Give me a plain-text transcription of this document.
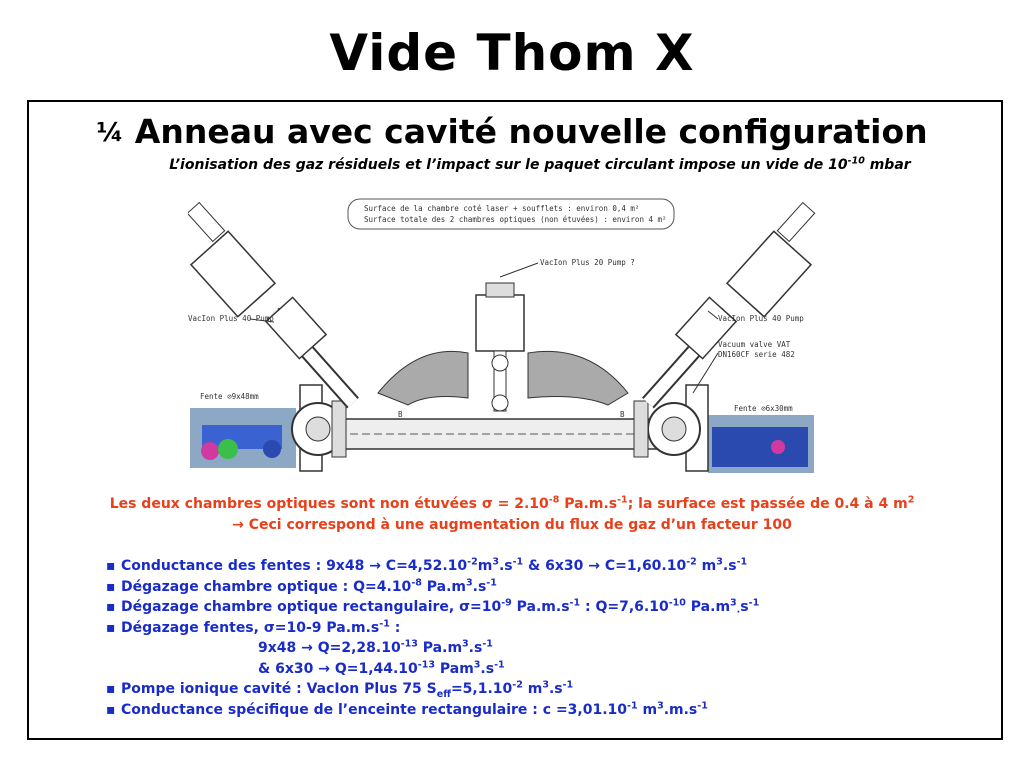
Vide Thom X
¼ Anneau avec cavité nouvelle configuration
L’ionisation des gaz résiduels et l’impact sur le paquet circulant impose un vide de $10^{-10}$ mbar
Surface de la chambre coté laser + soufflets : environ 0,4 m²
Surface totale des 2 chambres optiques (non étuvées) : environ 4 m²
Fente ⊘9x48mm
Fente ⊘6x30mm
B	B
VacIon Plus 20 Pump ?
VacIon Plus 40 Pump	VacIon Plus 40 Pump
Vacuum valve VAT
DN160CF serie 482
Les deux chambres optiques sont non étuvées $\sigma = 2.10^{-8}$ $Pa.m.s^{-1}$; la surface est passée de 0.4 à 4 $m^2$
→ Ceci correspond à une augmentation du flux de gaz d’un facteur 100
▪ Conductance des fentes : $9x48 \to C=4,52.10^{-2}m^3.s^{-1}$ & $6x30 \to C=1,60.10^{-2}$ $m^3.s^{-1}$
▪ Dégazage chambre optique : $Q=4.10^{-8}$ $Pa.m^3.s^{-1}$
▪ Dégazage chambre optique rectangulaire, $\sigma=10^{-9}$ $Pa.m.s^{-1}$ : $Q=7,6.10^{-10}$ $Pa.m^3_\cdot s^{-1}$
▪ Dégazage fentes, σ=10-9 $Pa.m.s^{-1}$ :
$9x48 \to Q=2,28.10^{-13}$ $Pa.m^3.s^{-1}$
& $6x30 \to Q=1,44.10^{-13}$ $Pam^3.s^{-1}$
▪ Pompe ionique cavité : VacIon Plus 75 $S_{eff}=5,1.10^{-2}$ $m^3.s^{-1}$
▪ Conductance spécifique de l’enceinte rectangulaire : $c =3,01.10^{-1}$ $m^3.m.s^{-1}$
